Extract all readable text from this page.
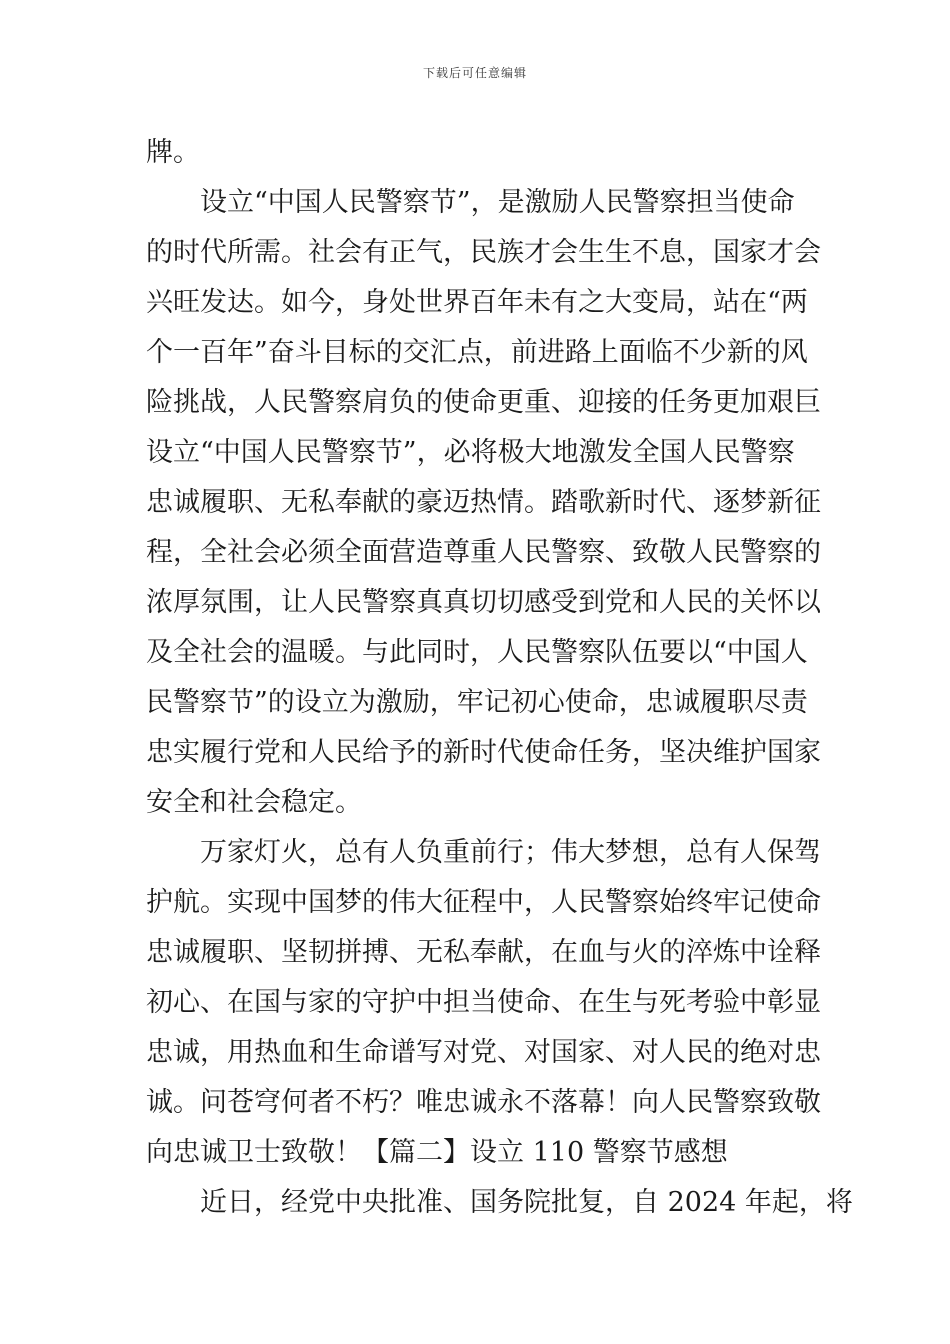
下载后可任意编辑
牌。
设立“中国人民警察节”，是激励人民警察担当使命
的时代所需。社会有正气，民族才会生生不息，国家才会
兴旺发达。如今，身处世界百年未有之大变局，站在“两
个一百年”奋斗目标的交汇点，前进路上面临不少新的风
险挑战，人民警察肩负的使命更重、迎接的任务更加艰巨
设立“中国人民警察节”，必将极大地激发全国人民警察
忠诚履职、无私奉献的豪迈热情。踏歌新时代、逐梦新征
程，全社会必须全面营造尊重人民警察、致敬人民警察的
浓厚氛围，让人民警察真真切切感受到党和人民的关怀以
及全社会的温暖。与此同时，人民警察队伍要以“中国人
民警察节”的设立为激励，牢记初心使命，忠诚履职尽责
忠实履行党和人民给予的新时代使命任务，坚决维护国家
安全和社会稳定。
万家灯火，总有人负重前行；伟大梦想，总有人保驾
护航。实现中国梦的伟大征程中，人民警察始终牢记使命
忠诚履职、坚韧拼搏、无私奉献，在血与火的淬炼中诠释
初心、在国与家的守护中担当使命、在生与死考验中彰显
忠诚，用热血和生命谱写对党、对国家、对人民的绝对忠
诚。问苍穹何者不朽？唯忠诚永不落幕！向人民警察致敬
向忠诚卫士致敬！【篇二】设立 110 警察节感想
近日，经党中央批准、国务院批复，自 2024 年起，将
